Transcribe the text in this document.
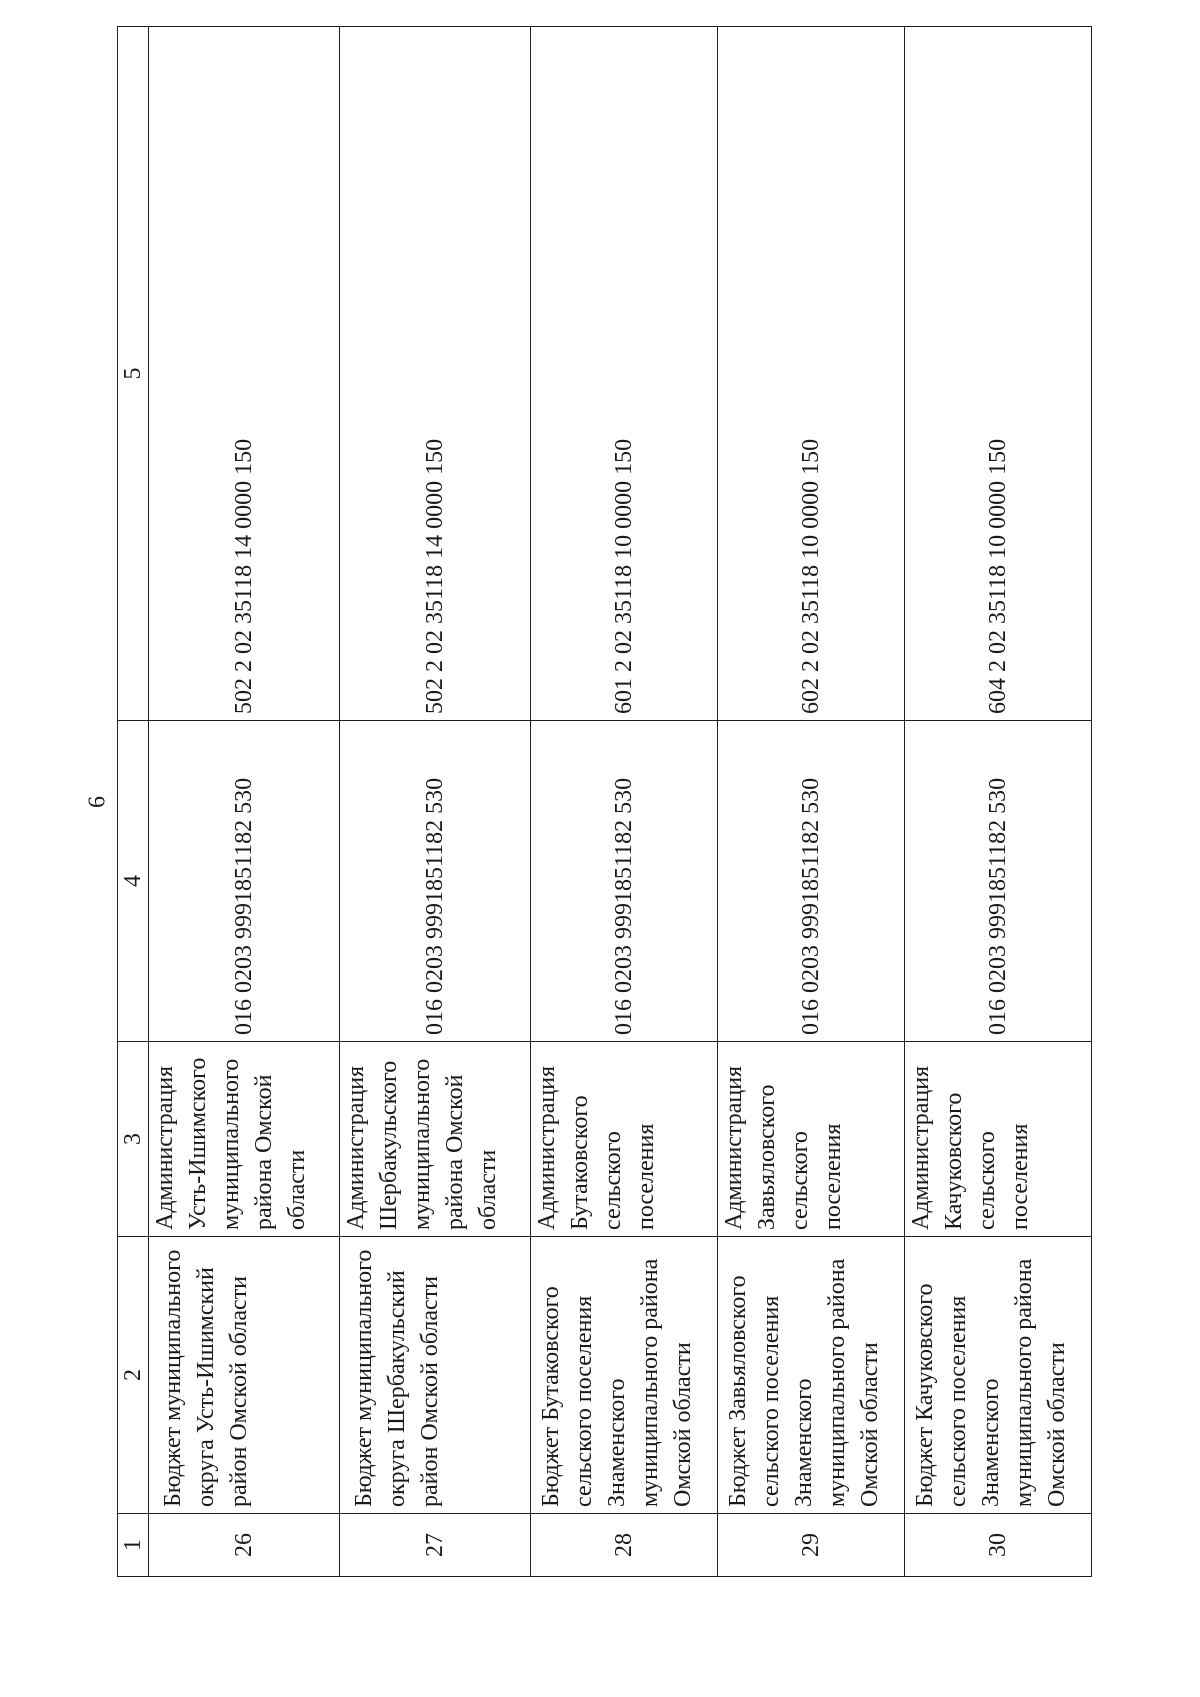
6
1	2	3	4	5
26	Бюджет муниципального округа Усть-Ишимский район Омской области	Администрация Усть-Ишимского муниципального района Омской области	016 0203 9991851182 530	502 2 02 35118 14 0000 150
27	Бюджет муниципального округа Шербакульский район Омской области	Администрация Шербакульского муниципального района Омской области	016 0203 9991851182 530	502 2 02 35118 14 0000 150
28	Бюджет Бутаковского сельского поселения Знаменского муниципального района Омской области	Администрация Бутаковского сельского поселения	016 0203 9991851182 530	601 2 02 35118 10 0000 150
29	Бюджет Завьяловского сельского поселения Знаменского муниципального района Омской области	Администрация Завьяловского сельского поселения	016 0203 9991851182 530	602 2 02 35118 10 0000 150
30	Бюджет Качуковского сельского поселения Знаменского муниципального района Омской области	Администрация Качуковского сельского поселения	016 0203 9991851182 530	604 2 02 35118 10 0000 150
